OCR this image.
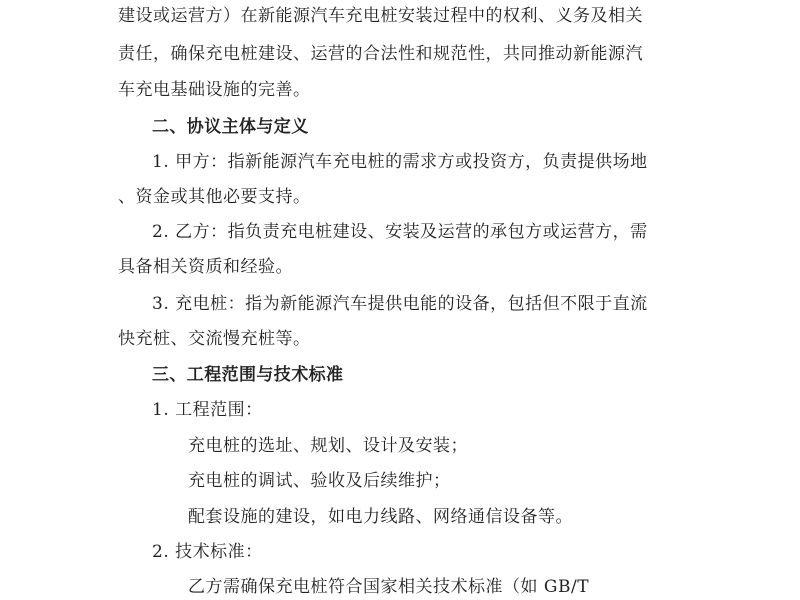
建设或运营方）在新能源汽车充电桩安装过程中的权利、义务及相关

责任，确保充电桩建设、运营的合法性和规范性，共同推动新能源汽

车充电基础设施的完善。

二、协议主体与定义

1. 甲方：指新能源汽车充电桩的需求方或投资方，负责提供场地

、资金或其他必要支持。

2. 乙方：指负责充电桩建设、安装及运营的承包方或运营方，需

具备相关资质和经验。

3. 充电桩：指为新能源汽车提供电能的设备，包括但不限于直流

快充桩、交流慢充桩等。

三、工程范围与技术标准

1. 工程范围：

充电桩的选址、规划、设计及安装；

充电桩的调试、验收及后续维护；

配套设施的建设，如电力线路、网络通信设备等。

2. 技术标准：

乙方需确保充电桩符合国家相关技术标准（如 GB/T
